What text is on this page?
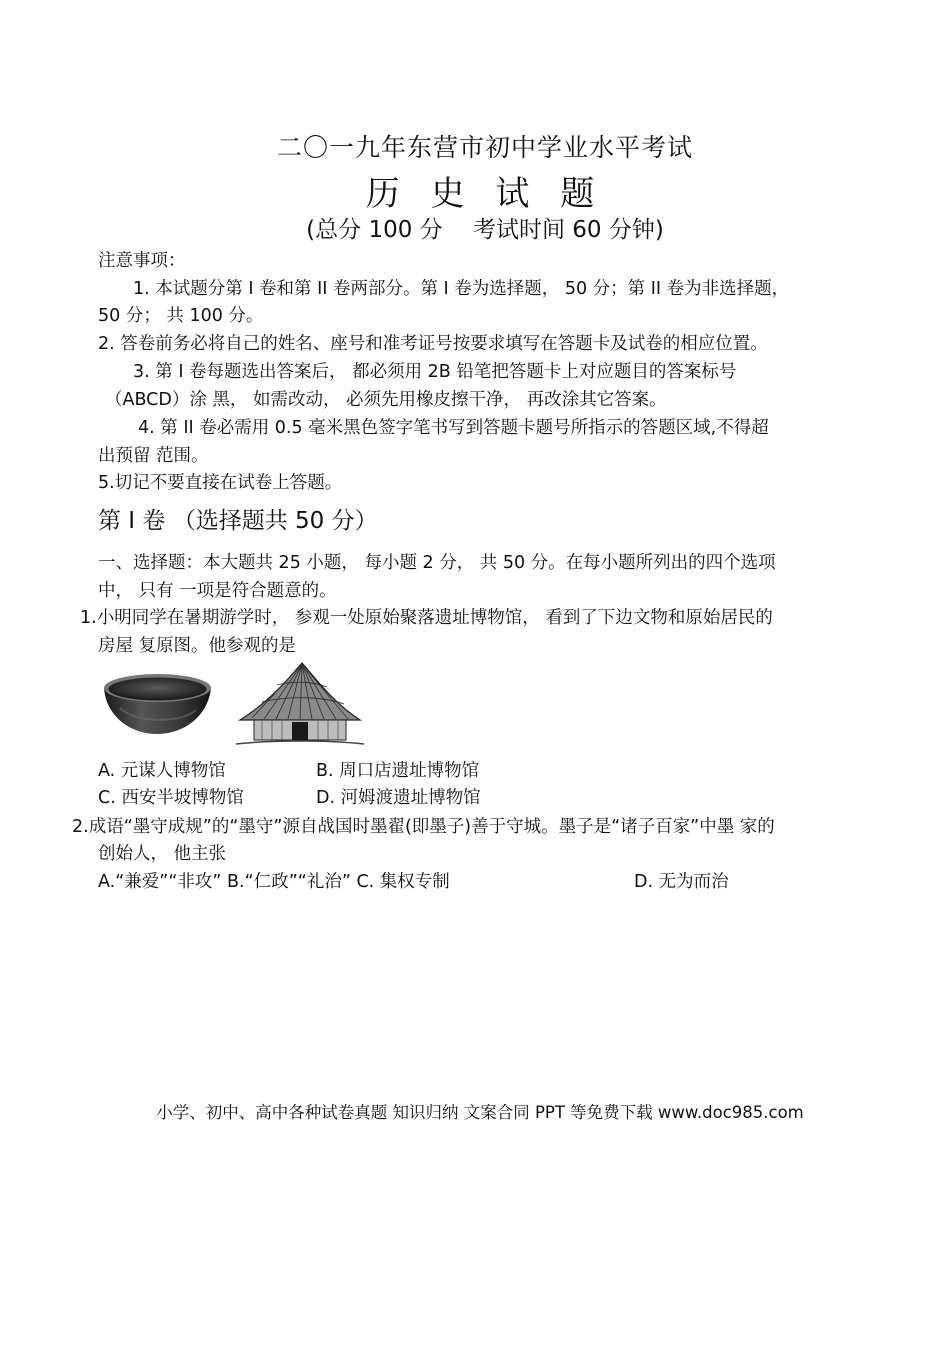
二〇一九年东营市初中学业水平考试
历 史 试 题
(总分 100 分　 考试时间 60 分钟)
注意事项：
1. 本试题分第 I 卷和第 II 卷两部分。第 I 卷为选择题， 50 分；第 II 卷为非选择题，
50 分； 共 100 分。
2. 答卷前务必将自己的姓名、座号和准考证号按要求填写在答题卡及试卷的相应位置。
3. 第 I 卷每题选出答案后， 都必须用 2B 铅笔把答题卡上对应题目的答案标号
（ABCD）涂 黑， 如需改动， 必须先用橡皮擦干净， 再改涂其它答案。
4. 第 II 卷必需用 0.5 毫米黑色签字笔书写到答题卡题号所指示的答题区域,不得超
出预留 范围。
5.切记不要直接在试卷上答题。
第 I 卷 （选择题共 50 分）
一、选择题：本大题共 25 小题， 每小题 2 分， 共 50 分。在每小题所列出的四个选项
中， 只有 一项是符合题意的。
1.小明同学在暑期游学时， 参观一处原始聚落遗址博物馆， 看到了下边文物和原始居民的
房屋 复原图。他参观的是
A. 元谋人博物馆	B. 周口店遗址博物馆
C. 西安半坡博物馆	D. 河姆渡遗址博物馆
2.成语“墨守成规”的“墨守”源自战国时墨翟(即墨子)善于守城。墨子是“诸子百家”中墨 家的
创始人， 他主张
A.“兼爱”“非攻” B.“仁政”“礼治” C. 集权专制	D. 无为而治
小学、初中、高中各种试卷真题 知识归纳 文案合同 PPT 等免费下载 www.doc985.com
